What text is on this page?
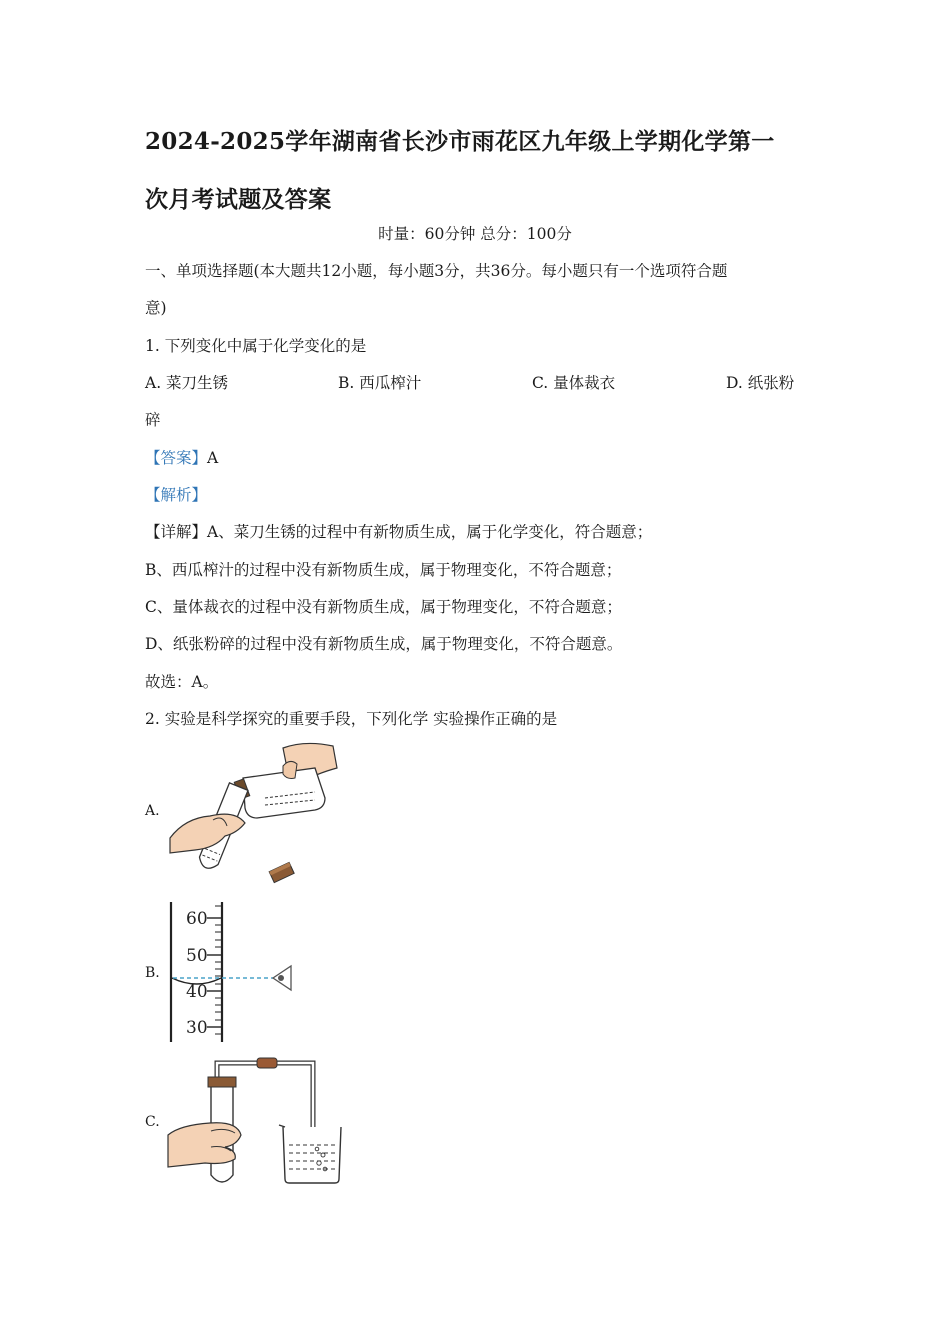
2024-2025学年湖南省长沙市雨花区九年级上学期化学第一
次月考试题及答案
时量：60分钟 总分：100分
一、单项选择题(本大题共12小题，每小题3分，共36分。每小题只有一个选项符合题
意)
1. 下列变化中属于化学变化的是
A. 菜刀生锈	B. 西瓜榨汁	C. 量体裁衣	D. 纸张粉
碎
【答案】A
【解析】
【详解】A、菜刀生锈的过程中有新物质生成，属于化学变化，符合题意；
B、西瓜榨汁的过程中没有新物质生成，属于物理变化，不符合题意；
C、量体裁衣的过程中没有新物质生成，属于物理变化，不符合题意；
D、纸张粉碎的过程中没有新物质生成，属于物理变化，不符合题意。
故选：A。
2. 实验是科学探究的重要手段，下列化学 实验操作正确的是
A.
B.
C.
60
50
40
30
